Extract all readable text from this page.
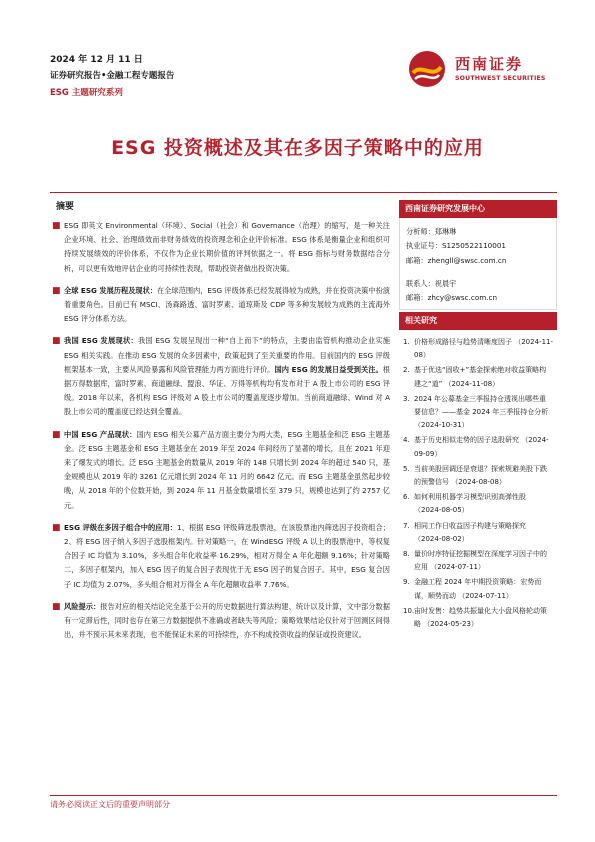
2024 年 12 月 11 日
证券研究报告•金融工程专题报告
ESG 主题研究系列
西南证券
SOUTHWEST SECURITIES
ESG 投资概述及其在多因子策略中的应用
摘要
■ ESG 即英文 Environmental（环境）、Social（社会）和 Governance（治理）的缩写，是一种关注企业环境、社会、治理绩效而非财务绩效的投资理念和企业评价标准。ESG 体系是衡量企业和组织可持续发展绩效的评价体系，不仅作为企业长期价值的评判依据之一。将 ESG 指标与财务数据结合分析，可以更有效地评估企业的可持续性表现，帮助投资者做出投资决策。
■ 全球 ESG 发展历程及现状：在全球范围内，ESG 评级体系已经发展得较为成熟，并在投资决策中扮演着重要角色。目前已有 MSCI、汤森路透、富时罗素、道琼斯及 CDP 等多种发展较为成熟的主流海外 ESG 评分体系方法。
■ 我国 ESG 发展现状：我国 ESG 发展呈现出一种“自上而下”的特点，主要由监管机构推动企业实施 ESG 相关实践。在推动 ESG 发展的众多因素中，政策起到了至关重要的作用。目前国内的 ESG 评级框架基本一致，主要从风险暴露和风险管理能力两方面进行评价。国内 ESG 的发展日益受到关注。根据万得数据库，富时罗素、商道融绿、盟浪、华证、万得等机构均有发布对于 A 股上市公司的 ESG 评级。2018 年以来，各机构 ESG 评级对 A 股上市公司的覆盖度逐步增加。当前商道融绿、Wind 对 A 股上市公司的覆盖度已经达到全覆盖。
■ 中国 ESG 产品现状：国内 ESG 相关公募产品方面主要分为两大类，ESG 主题基金和泛 ESG 主题基金。泛 ESG 主题基金和 ESG 主题基金在 2019 年至 2024 年间经历了显著的增长，且在 2021 年迎来了爆发式的增长。泛 ESG 主题基金的数量从 2019 年的 148 只增长到 2024 年的超过 540 只，基金规模也从 2019 年的 3261 亿元增长到 2024 年 11 月的 6642 亿元。而 ESG 主题基金虽然起步较晚，从 2018 年的个位数开始，到 2024 年 11 月基金数量增长至 379 只，规模也达到了约 2757 亿元。
■ ESG 评级在多因子组合中的应用：1、根据 ESG 评级筛选股票池，在该股票池内筛选因子投资组合；2、将 ESG 因子纳入多因子选股框架内。针对策略一，在 WindESG 评级 A 以上的股票池中，等权复合因子 IC 均值为 3.10%，多头组合年化收益率 16.29%，相对万得全 A 年化超额 9.16%；针对策略二，多因子框架内，加入 ESG 因子的复合因子表现优于无 ESG 因子的复合因子。其中，ESG 复合因子 IC 均值为 2.07%，多头组合相对万得全 A 年化超额收益率 7.76%。
■ 风险提示：报告对应的相关结论完全基于公开的历史数据进行算法构建、统计以及计算，文中部分数据有一定滞后性，同时也存在第三方数据提供不准确或者缺失等风险；策略效果结论仅针对于回测区间得出，并不预示其未来表现，也不能保证未来的可持续性，亦不构成投资收益的保证或投资建议。
西南证券研究发展中心
分析师：郑琳琳
执业证号：S1250522110001
邮箱：zhengll@swsc.com.cn
联系人：祝晨宇
邮箱：zhcy@swsc.com.cn
相关研究
1. 价格形成路径与趋势清晰度因子 （2024-11-08）
2. 基于优选“固收+”基金探索绝对收益策略构建之“道” （2024-11-08）
3. 2024 年公募基金三季报持仓透视出哪些重要信息？——基金 2024 年三季报持仓分析 （2024-10-31）
4. 基于历史相似走势的因子选股研究 （2024-09-09）
5. 当前美股回调还是衰退？探索规避美股下跌的预警信号 （2024-08-08）
6. 如何利用机器学习模型识别高弹性股 （2024-08-05）
7. 相同工作日收益因子构建与策略探究 （2024-08-02）
8. 量价时序特征挖掘模型在深度学习因子中的应用 （2024-07-11）
9. 金融工程 2024 年中期投资策略：宏势而谋，顺势而动 （2024-07-11）
10. 宙时发售：趋势共振量化大小盘风格轮动策略 （2024-05-23）
请务必阅读正文后的重要声明部分
